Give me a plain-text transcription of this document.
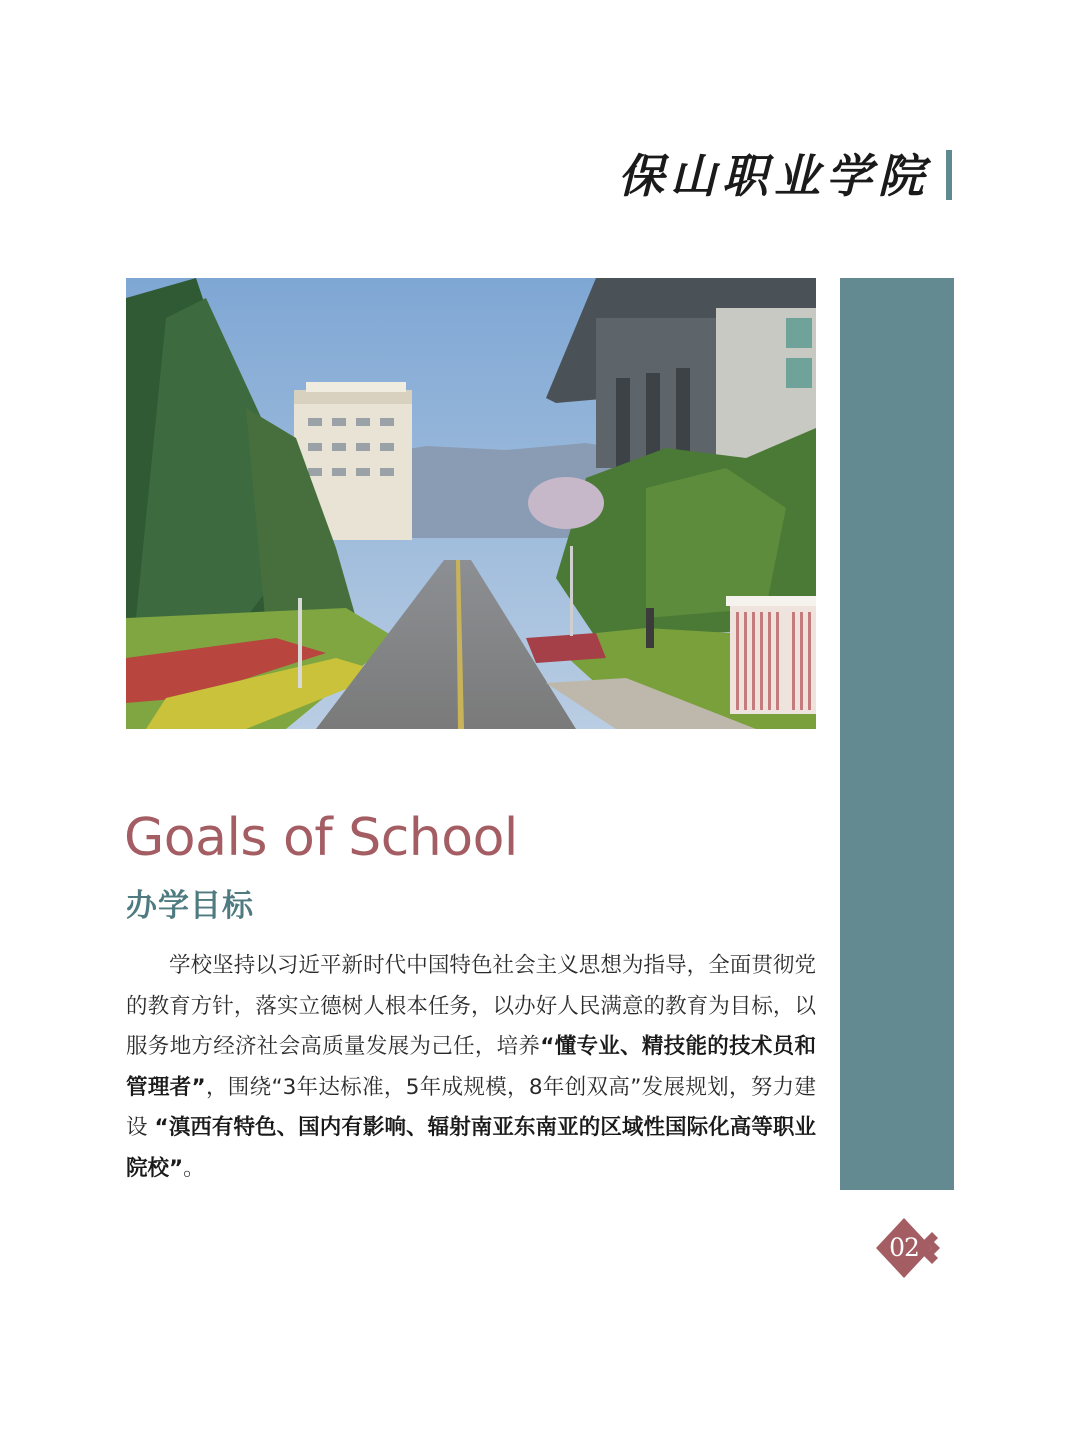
保山职业学院
Goals of School
办学目标
学校坚持以习近平新时代中国特色社会主义思想为指导，全面贯彻党的教育方针，落实立德树人根本任务，以办好人民满意的教育为目标，以服务地方经济社会高质量发展为己任，培养“懂专业、精技能的技术员和管理者”，围绕“3年达标准，5年成规模，8年创双高”发展规划，努力建设 “滇西有特色、国内有影响、辐射南亚东南亚的区域性国际化高等职业院校”。
02
